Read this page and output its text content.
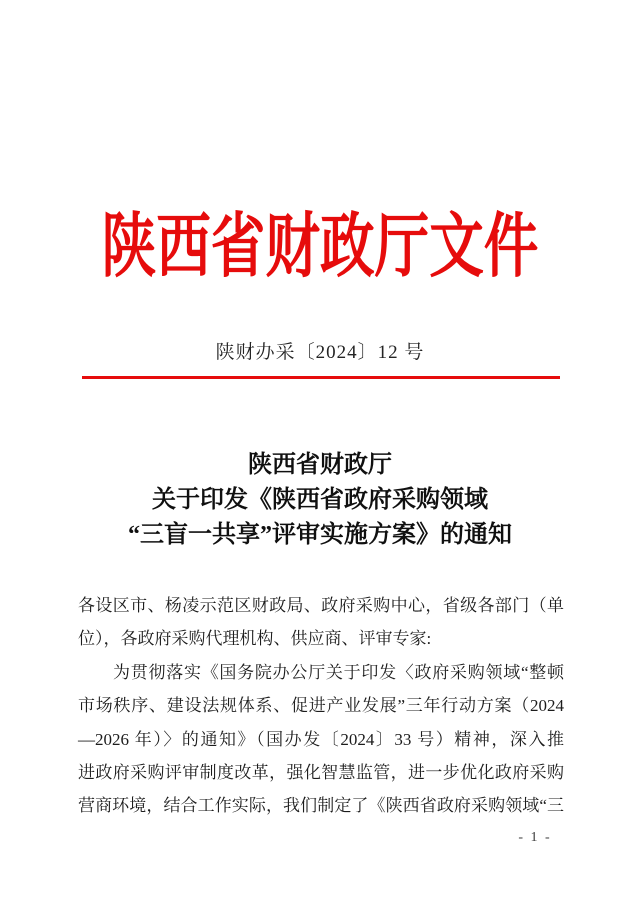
陕西省财政厅文件
陕财办采〔2024〕12 号
陕西省财政厅
关于印发《陕西省政府采购领域
“三盲一共享”评审实施方案》的通知
各设区市、杨凌示范区财政局、政府采购中心，省级各部门（单
位），各政府采购代理机构、供应商、评审专家:
为贯彻落实《国务院办公厅关于印发〈政府采购领域“整顿
市场秩序、建设法规体系、促进产业发展”三年行动方案（2024
—2026 年）〉的通知》（国办发〔2024〕33 号）精神，深入推
进政府采购评审制度改革，强化智慧监管，进一步优化政府采购
营商环境，结合工作实际，我们制定了《陕西省政府采购领域“三
- 1 -
